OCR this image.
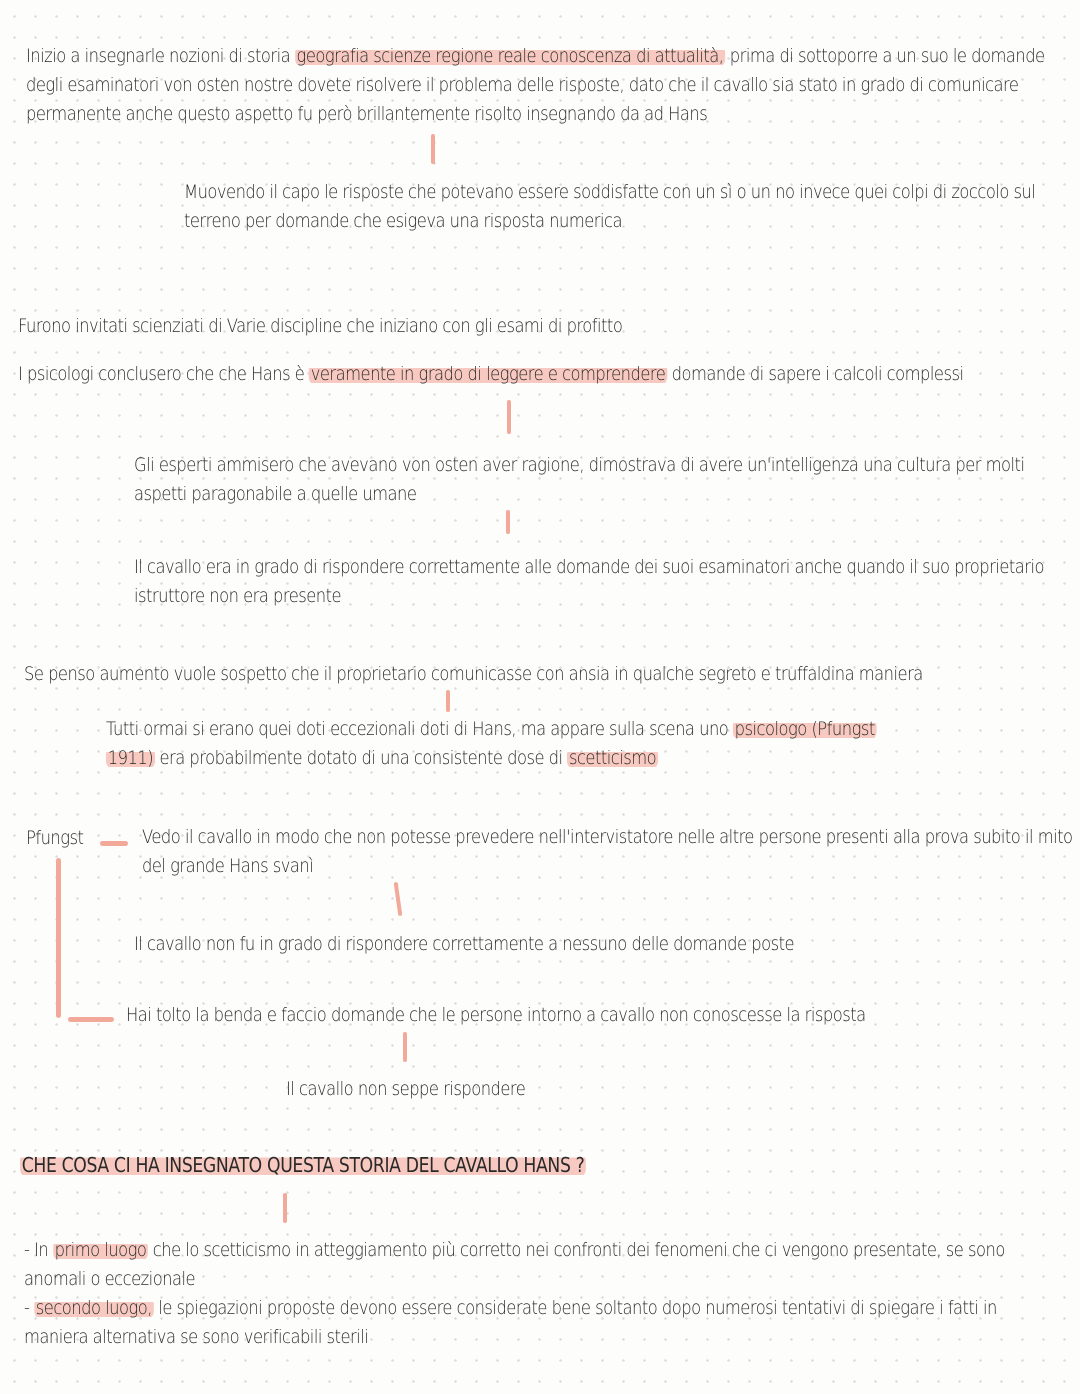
Inizio a insegnarle nozioni di storia geografia scienze regione reale conoscenza di attualità, prima di sottoporre a un suo le domande
degli esaminatori von osten nostre dovete risolvere il problema delle risposte, dato che il cavallo sia stato in grado di comunicare
permanente anche questo aspetto fu però brillantemente risolto insegnando da ad Hans
Muovendo il capo le risposte che potevano essere soddisfatte con un sì o un no invece quei colpi di zoccolo sul
terreno per domande che esigeva una risposta numerica
Furono invitati scienziati di Varie discipline che iniziano con gli esami di profitto
I psicologi conclusero che che Hans è veramente in grado di leggere e comprendere domande di sapere i calcoli complessi
Gli esperti ammisero che avevano von osten aver ragione, dimostrava di avere un'intelligenza una cultura per molti
aspetti paragonabile a quelle umane
Il cavallo era in grado di rispondere correttamente alle domande dei suoi esaminatori anche quando il suo proprietario
istruttore non era presente
Se penso aumento vuole sospetto che il proprietario comunicasse con ansia in qualche segreto e truffaldina maniera
Tutti ormai si erano quei doti eccezionali doti di Hans, ma appare sulla scena uno psicologo (Pfungst
1911) era probabilmente dotato di una consistente dose di scetticismo
Pfungst	Vedo il cavallo in modo che non potesse prevedere nell'intervistatore nelle altre persone presenti alla prova subito il mito
del grande Hans svanì
Il cavallo non fu in grado di rispondere correttamente a nessuno delle domande poste
Hai tolto la benda e faccio domande che le persone intorno a cavallo non conoscesse la risposta
Il cavallo non seppe rispondere
CHE COSA CI HA INSEGNATO QUESTA STORIA DEL CAVALLO HANS ?
- In primo luogo che lo scetticismo in atteggiamento più corretto nei confronti dei fenomeni che ci vengono presentate, se sono
anomali o eccezionale
- secondo luogo, le spiegazioni proposte devono essere considerate bene soltanto dopo numerosi tentativi di spiegare i fatti in
maniera alternativa se sono verificabili sterili
